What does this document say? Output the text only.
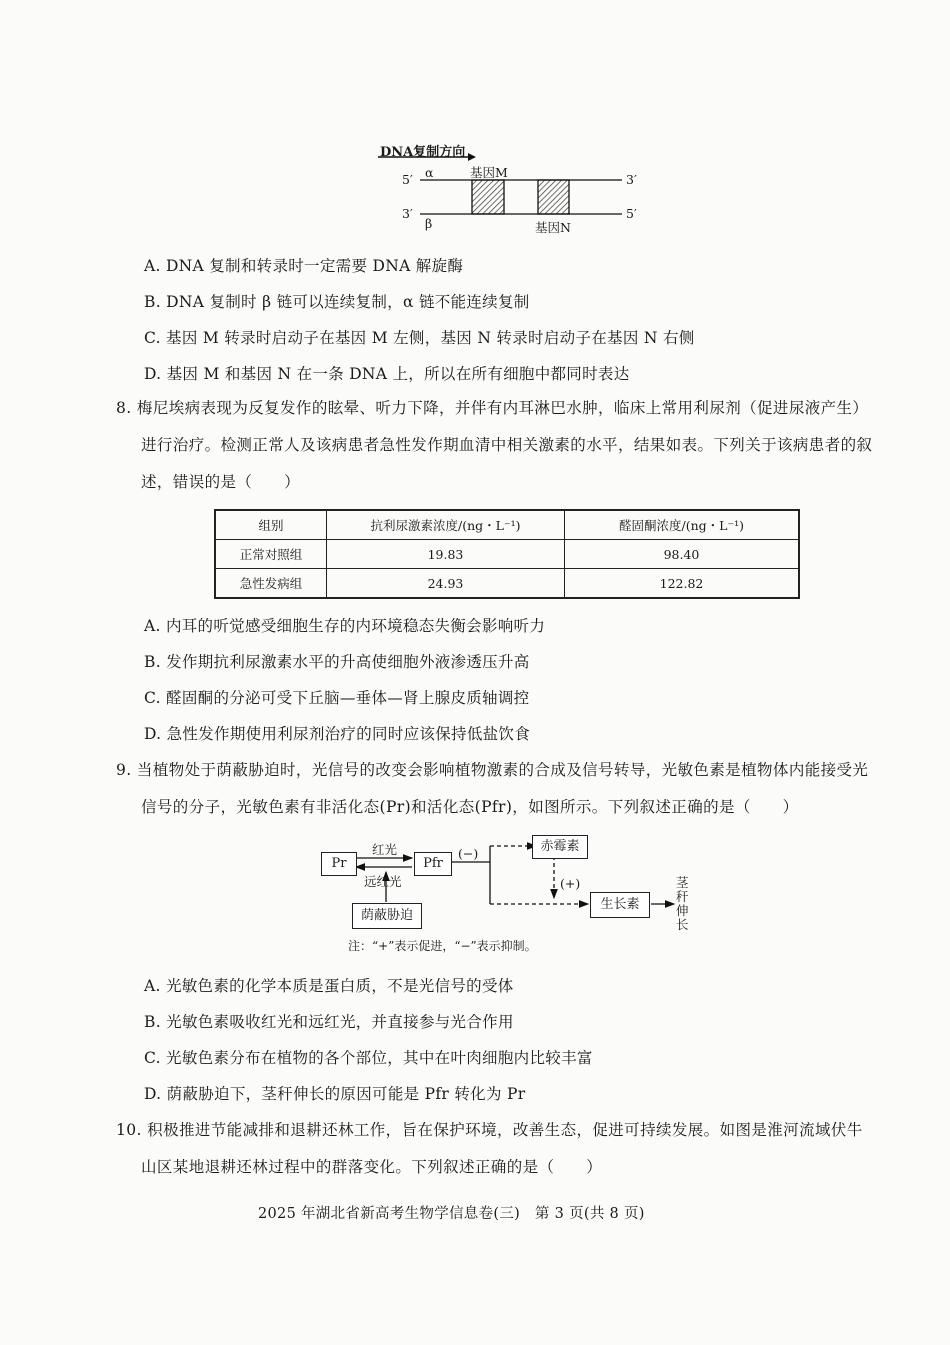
DNA复制方向
5′ α	基因M	3′
3′
β	基因N
5′
A. DNA 复制和转录时一定需要 DNA 解旋酶
B. DNA 复制时 β 链可以连续复制，α 链不能连续复制
C. 基因 M 转录时启动子在基因 M 左侧，基因 N 转录时启动子在基因 N 右侧
D. 基因 M 和基因 N 在一条 DNA 上，所以在所有细胞中都同时表达
8. 梅尼埃病表现为反复发作的眩晕、听力下降，并伴有内耳淋巴水肿，临床上常用利尿剂（促进尿液产生）进行治疗。检测正常人及该病患者急性发作期血清中相关激素的水平，结果如表。下列关于该病患者的叙述，错误的是（　　）
组别	抗利尿激素浓度/(ng・L⁻¹)	醛固酮浓度/(ng・L⁻¹)
正常对照组	19.83	98.40
急性发病组	24.93	122.82
A. 内耳的听觉感受细胞生存的内环境稳态失衡会影响听力
B. 发作期抗利尿激素水平的升高使细胞外液渗透压升高
C. 醛固酮的分泌可受下丘脑—垂体—肾上腺皮质轴调控
D. 急性发作期使用利尿剂治疗的同时应该保持低盐饮食
9. 当植物处于荫蔽胁迫时，光信号的改变会影响植物激素的合成及信号转导，光敏色素是植物体内能接受光信号的分子，光敏色素有非活化态(Pr)和活化态(Pfr)，如图所示。下列叙述正确的是（　　）
Pr	Pfr
红光
远红光
荫蔽胁迫
(−)	赤霉素
(+)
生长素
茎秆伸长
注：“+”表示促进，“−”表示抑制。
A. 光敏色素的化学本质是蛋白质，不是光信号的受体
B. 光敏色素吸收红光和远红光，并直接参与光合作用
C. 光敏色素分布在植物的各个部位，其中在叶肉细胞内比较丰富
D. 荫蔽胁迫下，茎秆伸长的原因可能是 Pfr 转化为 Pr
10. 积极推进节能减排和退耕还林工作，旨在保护环境，改善生态，促进可持续发展。如图是淮河流域伏牛山区某地退耕还林过程中的群落变化。下列叙述正确的是（　　）
2025 年湖北省新高考生物学信息卷(三)　第 3 页(共 8 页)
